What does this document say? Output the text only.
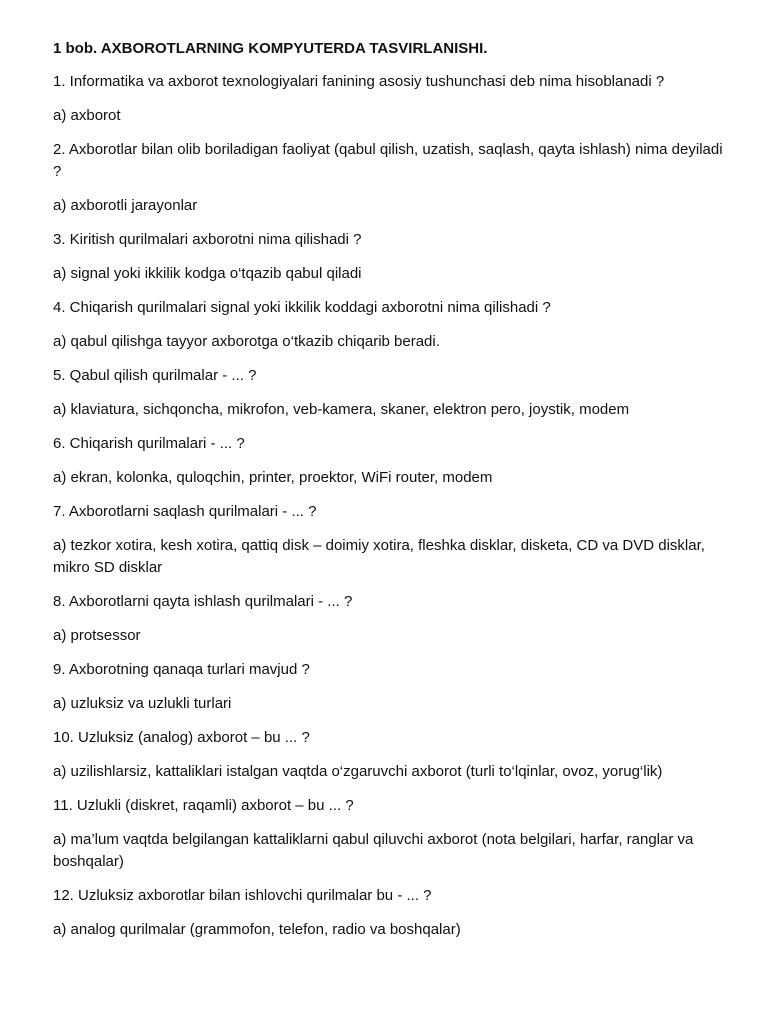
1 bob. AXBOROTLARNING KOMPYUTERDA TASVIRLANISHI.
1. Informatika va axborot texnologiyalari fanining asosiy tushunchasi deb nima hisoblanadi ?
a) axborot
2. Axborotlar bilan olib boriladigan faoliyat (qabul qilish, uzatish, saqlash, qayta ishlash) nima deyiladi ?
a) axborotli jarayonlar
3. Kiritish qurilmalari axborotni nima qilishadi ?
a) signal yoki ikkilik kodga o‘tqazib qabul qiladi
4. Chiqarish qurilmalari signal yoki ikkilik koddagi axborotni nima qilishadi ?
a) qabul qilishga tayyor axborotga o‘tkazib chiqarib beradi.
5. Qabul qilish qurilmalar - ... ?
a) klaviatura, sichqoncha, mikrofon, veb-kamera, skaner, elektron pero, joystik, modem
6. Chiqarish qurilmalari - ... ?
a) ekran, kolonka, quloqchin, printer, proektor, WiFi router, modem
7. Axborotlarni saqlash qurilmalari - ... ?
a) tezkor xotira, kesh xotira, qattiq disk – doimiy xotira, fleshka disklar, disketa, CD va DVD disklar, mikro SD disklar
8. Axborotlarni qayta ishlash qurilmalari - ... ?
a) protsessor
9. Axborotning qanaqa turlari mavjud ?
a) uzluksiz va uzlukli turlari
10. Uzluksiz (analog) axborot – bu ... ?
a) uzilishlarsiz, kattaliklari istalgan vaqtda o‘zgaruvchi axborot (turli to‘lqinlar, ovoz, yorug‘lik)
11. Uzlukli (diskret, raqamli) axborot – bu ... ?
a) ma’lum vaqtda belgilangan kattaliklarni qabul qiluvchi axborot (nota belgilari, harfar, ranglar va boshqalar)
12. Uzluksiz axborotlar bilan ishlovchi qurilmalar bu - ... ?
a) analog qurilmalar (grammofon, telefon, radio va boshqalar)
